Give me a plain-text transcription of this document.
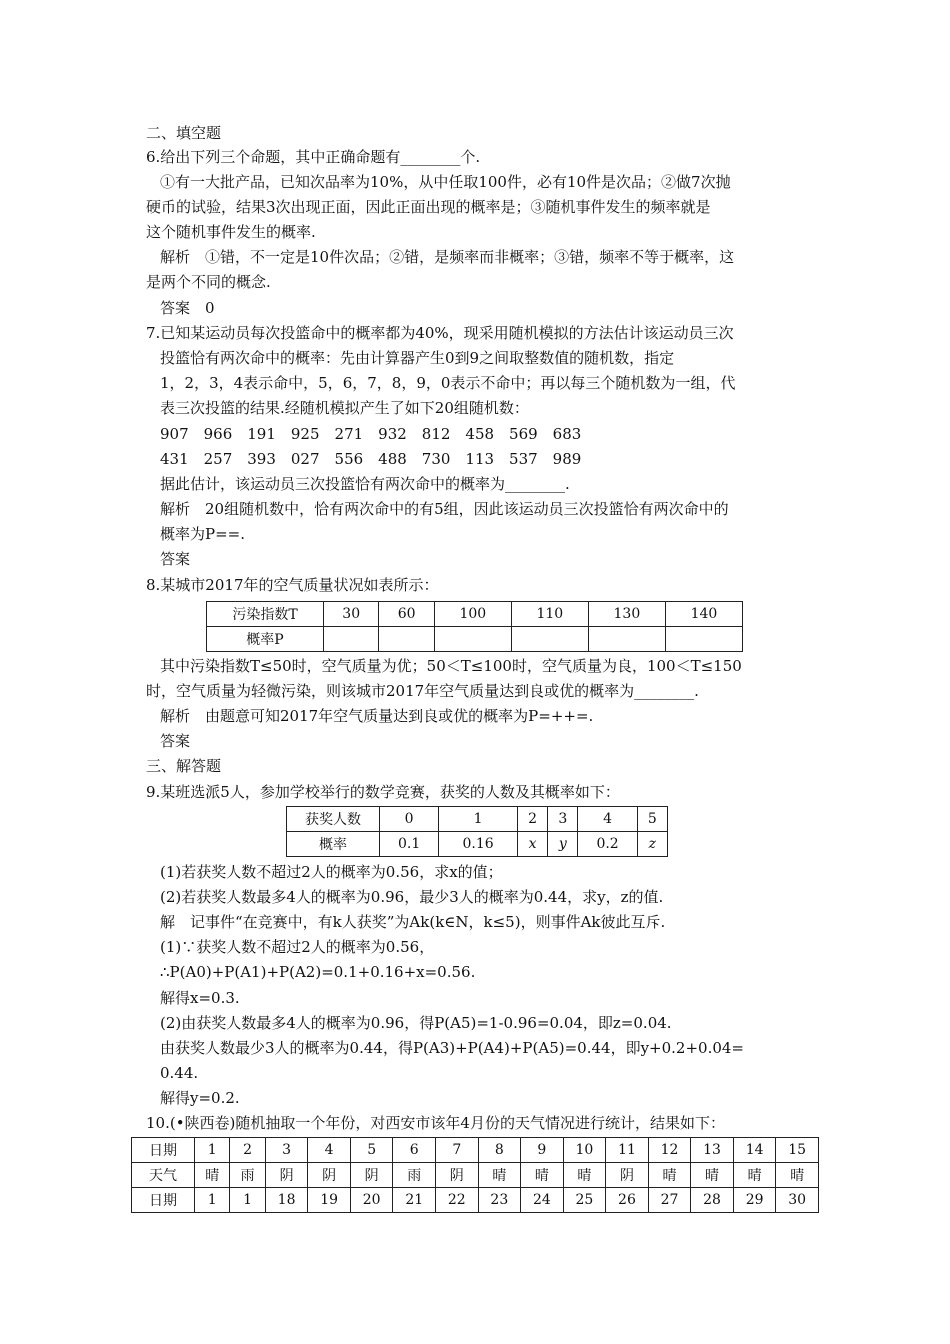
二、填空题
6.给出下列三个命题，其中正确命题有________个.
①有一大批产品，已知次品率为10%，从中任取100件，必有10件是次品；②做7次抛
硬币的试验，结果3次出现正面，因此正面出现的概率是；③随机事件发生的频率就是
这个随机事件发生的概率.
解析　①错，不一定是10件次品；②错，是频率而非概率；③错，频率不等于概率，这
是两个不同的概念.
答案　0
7.已知某运动员每次投篮命中的概率都为40%，现采用随机模拟的方法估计该运动员三次
投篮恰有两次命中的概率：先由计算器产生0到9之间取整数值的随机数，指定
1，2，3，4表示命中，5，6，7，8，9，0表示不命中；再以每三个随机数为一组，代
表三次投篮的结果.经随机模拟产生了如下20组随机数：
907　966　191　925　271　932　812　458　569　683
431　257　393　027　556　488　730　113　537　989
据此估计，该运动员三次投篮恰有两次命中的概率为________.
解析　20组随机数中，恰有两次命中的有5组，因此该运动员三次投篮恰有两次命中的
概率为P==.
答案
8.某城市2017年的空气质量状况如表所示：
污染指数T	30	60	100	110	130	140
概率P						
其中污染指数T≤50时，空气质量为优；50＜T≤100时，空气质量为良，100＜T≤150
时，空气质量为轻微污染，则该城市2017年空气质量达到良或优的概率为________.
解析　由题意可知2017年空气质量达到良或优的概率为P=++=.
答案
三、解答题
9.某班选派5人，参加学校举行的数学竞赛，获奖的人数及其概率如下：
获奖人数	0	1	2	3	4	5
概率	0.1	0.16	x	y	0.2	z
(1)若获奖人数不超过2人的概率为0.56，求x的值；
(2)若获奖人数最多4人的概率为0.96，最少3人的概率为0.44，求y，z的值.
解　记事件“在竞赛中，有k人获奖”为Ak(k∈N，k≤5)，则事件Ak彼此互斥.
(1)∵获奖人数不超过2人的概率为0.56，
∴P(A0)+P(A1)+P(A2)=0.1+0.16+x=0.56.
解得x=0.3.
(2)由获奖人数最多4人的概率为0.96，得P(A5)=1-0.96=0.04，即z=0.04.
由获奖人数最少3人的概率为0.44，得P(A3)+P(A4)+P(A5)=0.44，即y+0.2+0.04=
0.44.
解得y=0.2.
10.(•陕西卷)随机抽取一个年份，对西安市该年4月份的天气情况进行统计，结果如下：
日期	1	2	3	4	5	6	7	8	9	10	11	12	13	14	15
天气	晴	雨	阴	阴	阴	雨	阴	晴	晴	晴	阴	晴	晴	晴	晴
日期	1	1	18	19	20	21	22	23	24	25	26	27	28	29	30
